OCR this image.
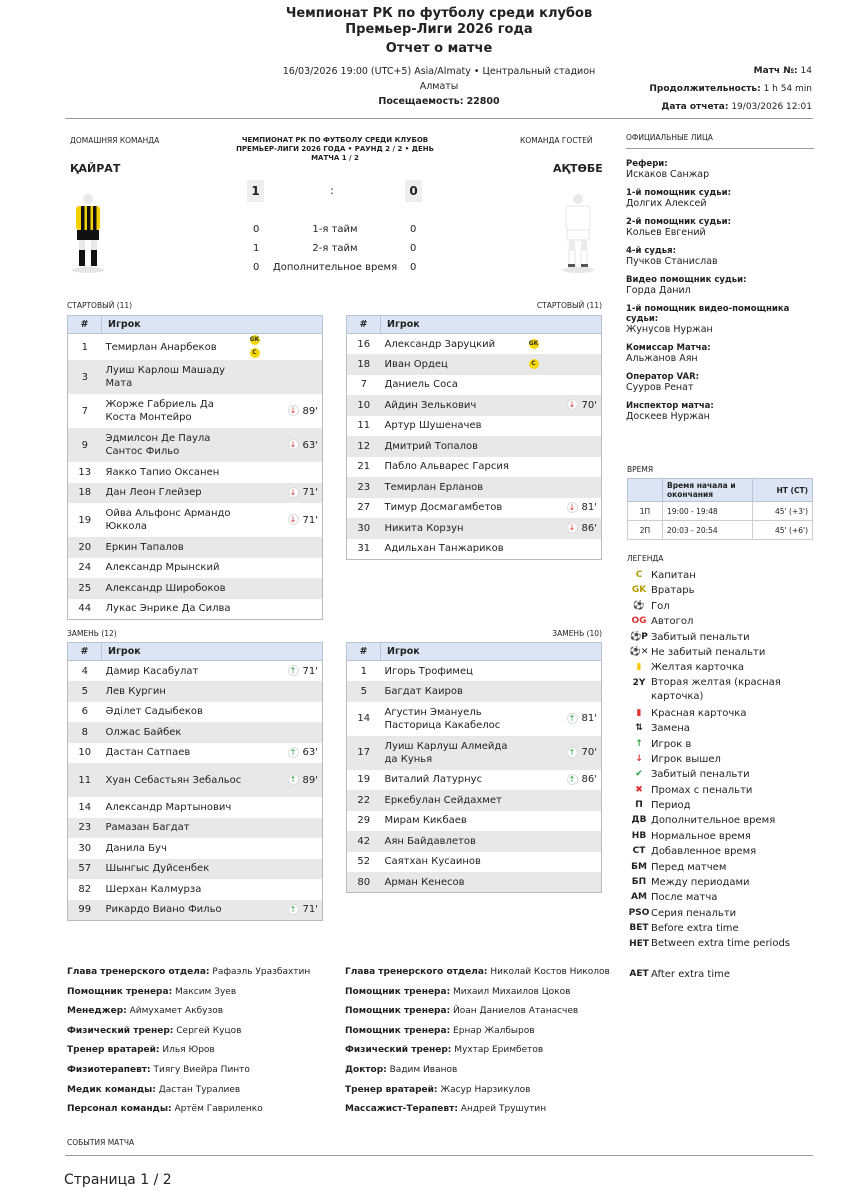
Чемпионат РК по футболу среди клубов
Премьер-Лиги 2026 года
Отчет о матче
16/03/2026 19:00 (UTC+5) Asia/Almaty • Центральный стадион
Алматы
Посещаемость: 22800
Матч №: 14
Продолжительность: 1 h 54 min
Дата отчета: 19/03/2026 12:01
ДОМАШНЯЯ КОМАНДА	КОМАНДА ГОСТЕЙ
ЧЕМПИОНАТ РК ПО ФУТБОЛУ СРЕДИ КЛУБОВ
ПРЕМЬЕР-ЛИГИ 2026 ГОДА • РАУНД 2 / 2 • ДЕНЬ
МАТЧА 1 / 2
ҚАЙРАТ	АҚТӨБЕ
1	:	0
0	1-я тайм	0
1	2-я тайм	0
0	Дополнительное время	0
СТАРТОВЫЙ (11)	СТАРТОВЫЙ (11)
#	Игрок		
1	Темирлан Анарбеков	GKC	
3	Луиш Карлош Машаду Мата		
7	Жорже Габриель Да Коста Монтейро		↓ 89'
9	Эдмилсон Де Паула Сантос Фильо		↓ 63'
13	Яакко Тапио Оксанен		
18	Дан Леон Глейзер		↓ 71'
19	Ойва Альфонс Армандо Юккола		↓ 71'
20	Еркин Тапалов		
24	Александр Мрынский		
25	Александр Широбоков		
44	Лукас Энрике Да Силва		
#	Игрок		
16	Александр Заруцкий	GK	
18	Иван Ордец	C	
7	Даниель Соса		
10	Айдин Зелькович		↓ 70'
11	Артур Шушеначев		
12	Дмитрий Топалов		
21	Пабло Альварес Гарсия		
23	Темирлан Ерланов		
27	Тимур Досмагамбетов		↓ 81'
30	Никита Корзун		↓ 86'
31	Адильхан Танжариков		
ЗАМЕНЬ (12)	ЗАМЕНЬ (10)
#	Игрок		
4	Дамир Касабулат		↑ 71'
5	Лев Кургин		
6	Әділет Садыбеков		
8	Олжас Байбек		
10	Дастан Сатпаев		↑ 63'
11	Хуан Себастьян Зебальос		↑ 89'
14	Александр Мартынович		
23	Рамазан Багдат		
30	Данила Буч		
57	Шынгыс Дуйсенбек		
82	Шерхан Калмурза		
99	Рикардо Виано Фильо		↑ 71'
#	Игрок		
1	Игорь Трофимец		
5	Багдат Каиров		
14	Агустин Эмануель Пасторица Какабелос		↑ 81'
17	Луиш Карлуш Алмейда да Кунья		↑ 70'
19	Виталий Латурнус		↑ 86'
22	Еркебулан Сейдахмет		
29	Мирам Кикбаев		
42	Аян Байдавлетов		
52	Саятхан Кусаинов		
80	Арман Кенесов		
ОФИЦИАЛЬНЫЕ ЛИЦА
Рефери:
Искаков Санжар
1-й помощник судьи:
Долгих Алексей
2-й помощник судьи:
Кольев Евгений
4-й судья:
Пучков Станислав
Видео помощник судьи:
Горда Данил
1-й помощник видео-помощника судьи:
Жунусов Нуржан
Комиссар Матча:
Альжанов Аян
Оператор VAR:
Сууров Ренат
Инспектор матча:
Доскеев Нуржан
ВРЕМЯ
	Время начала и окончания	HT (CT)
1П	19:00 - 19:48	45' (+3')
2П	20:03 - 20:54	45' (+6')
ЛЕГЕНДА
C Капитан
GK Вратарь
⚽ Гол
OG Автогол
⚽P Забитый пенальти
⚽✕ Не забитый пенальти
▮ Желтая карточка
2Y Вторая желтая (красная карточка)
▮ Красная карточка
⇅ Замена
↑ Игрок в
↓ Игрок вышел
✔ Забитый пенальти
✖ Промах с пенальти
П Период
ДВ Дополнительное время
НВ Нормальное время
СТ Добавленное время
БМ Перед матчем
БП Между периодами
АМ После матча
PSO Серия пенальти
BET Before extra time
HET Between extra time periods
AET After extra time
Глава тренерского отдела: Рафаэль Уразбахтин
Помощник тренера: Максим Зуев
Менеджер: Аймухамет Акбузов
Физический тренер: Сергей Куцов
Тренер вратарей: Илья Юров
Физиотерапевт: Тиягу Виейра Пинто
Медик команды: Дастан Туралиев
Персонал команды: Артём Гавриленко
Глава тренерского отдела: Николай Костов Николов
Помощник тренера: Михаил Михаилов Цоков
Помощник тренера: Йоан Даниелов Атанасчев
Помощник тренера: Ернар Жалбыров
Физический тренер: Мухтар Еримбетов
Доктор: Вадим Иванов
Тренер вратарей: Жасур Нарзикулов
Массажист-Терапевт: Андрей Трушутин
СОБЫТИЯ МАТЧА
Страница 1 / 2
